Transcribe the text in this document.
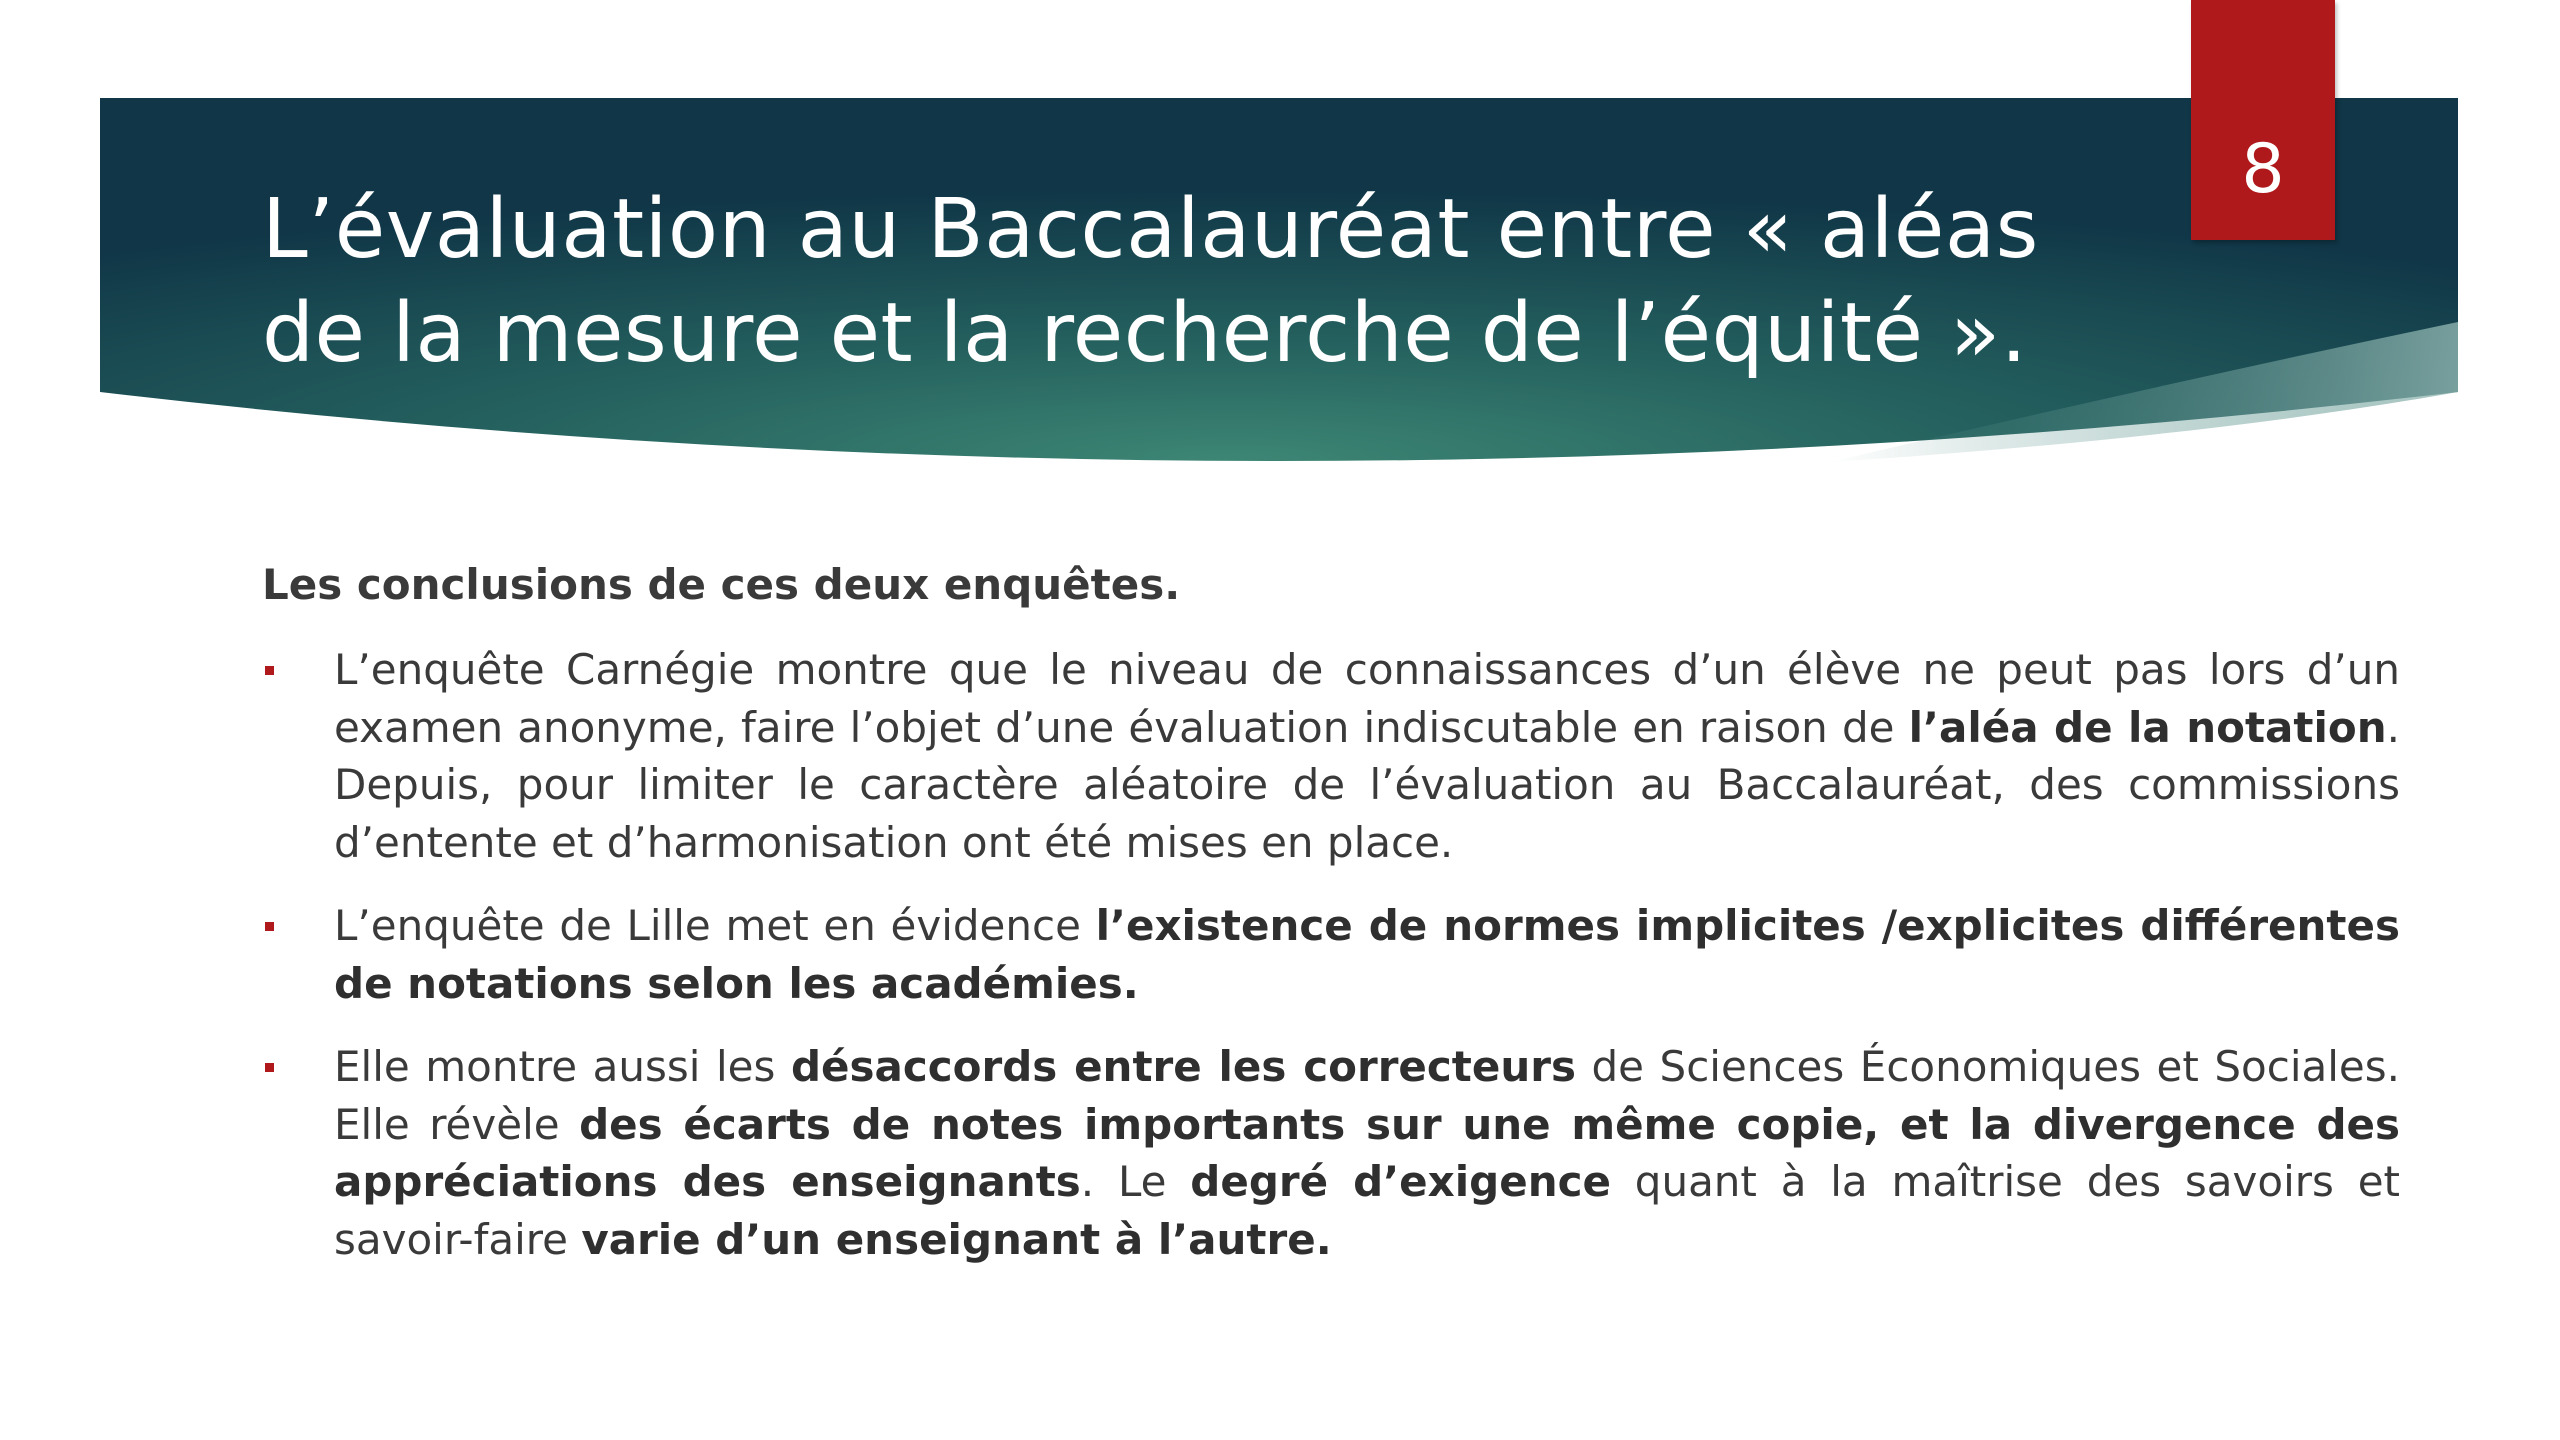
L’évaluation au Baccalauréat entre « aléas
de la mesure et la recherche de l’équité ».
8

Les conclusions de ces deux enquêtes.

L’enquête Carnégie montre que le niveau de connaissances d’un élève ne peut pas lors d’un examen anonyme, faire l’objet d’une évaluation indiscutable en raison de l’aléa de la notation. Depuis, pour limiter le caractère aléatoire de l’évaluation au Baccalauréat, des commissions d’entente et d’harmonisation ont été mises en place.
L’enquête de Lille met en évidence l’existence de normes implicites /explicites différentes de notations selon les académies.
Elle montre aussi les désaccords entre les correcteurs de Sciences Économiques et Sociales. Elle révèle des écarts de notes importants sur une même copie, et la divergence des appréciations des enseignants. Le degré d’exigence quant à la maîtrise des savoirs et savoir-faire varie d’un enseignant à l’autre.
